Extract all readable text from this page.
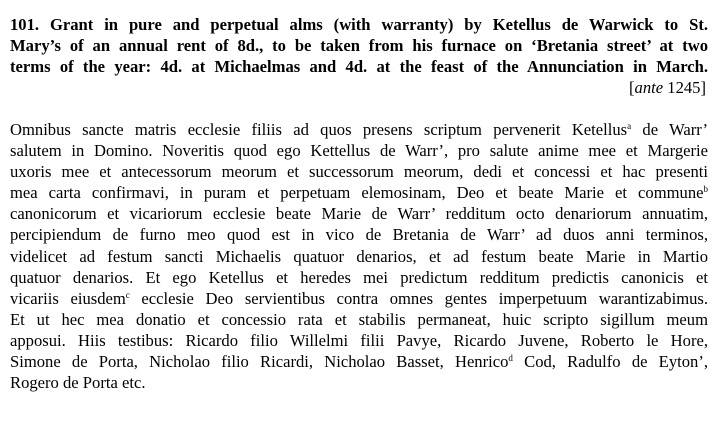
101. Grant in pure and perpetual alms (with warranty) by Ketellus de Warwick to St.
Mary’s of an annual rent of 8d., to be taken from his furnace on ‘Bretania street’ at two
terms of the year: 4d. at Michaelmas and 4d. at the feast of the Annunciation in March.
[ante 1245]
Omnibus sancte matris ecclesie filiis ad quos presens scriptum pervenerit Ketellus$^a$ de Warr’
salutem in Domino. Noveritis quod ego Kettellus de Warr’, pro salute anime mee et Margerie
uxoris mee et antecessorum meorum et successorum meorum, dedi et concessi et hac presenti
mea carta confirmavi, in puram et perpetuam elemosinam, Deo et beate Marie et commune$^b$
canonicorum et vicariorum ecclesie beate Marie de Warr’ redditum octo denariorum annuatim,
percipiendum de furno meo quod est in vico de Bretania de Warr’ ad duos anni terminos,
videlicet ad festum sancti Michaelis quatuor denarios, et ad festum beate Marie in Martio
quatuor denarios. Et ego Ketellus et heredes mei predictum redditum predictis canonicis et
vicariis eiusdem$^c$ ecclesie Deo servientibus contra omnes gentes imperpetuum warantizabimus.
Et ut hec mea donatio et concessio rata et stabilis permaneat, huic scripto sigillum meum
apposui. Hiis testibus: Ricardo filio Willelmi filii Pavye, Ricardo Juvene, Roberto le Hore,
Simone de Porta, Nicholao filio Ricardi, Nicholao Basset, Henrico$^d$ Cod, Radulfo de Eyton’,
Rogero de Porta etc.
